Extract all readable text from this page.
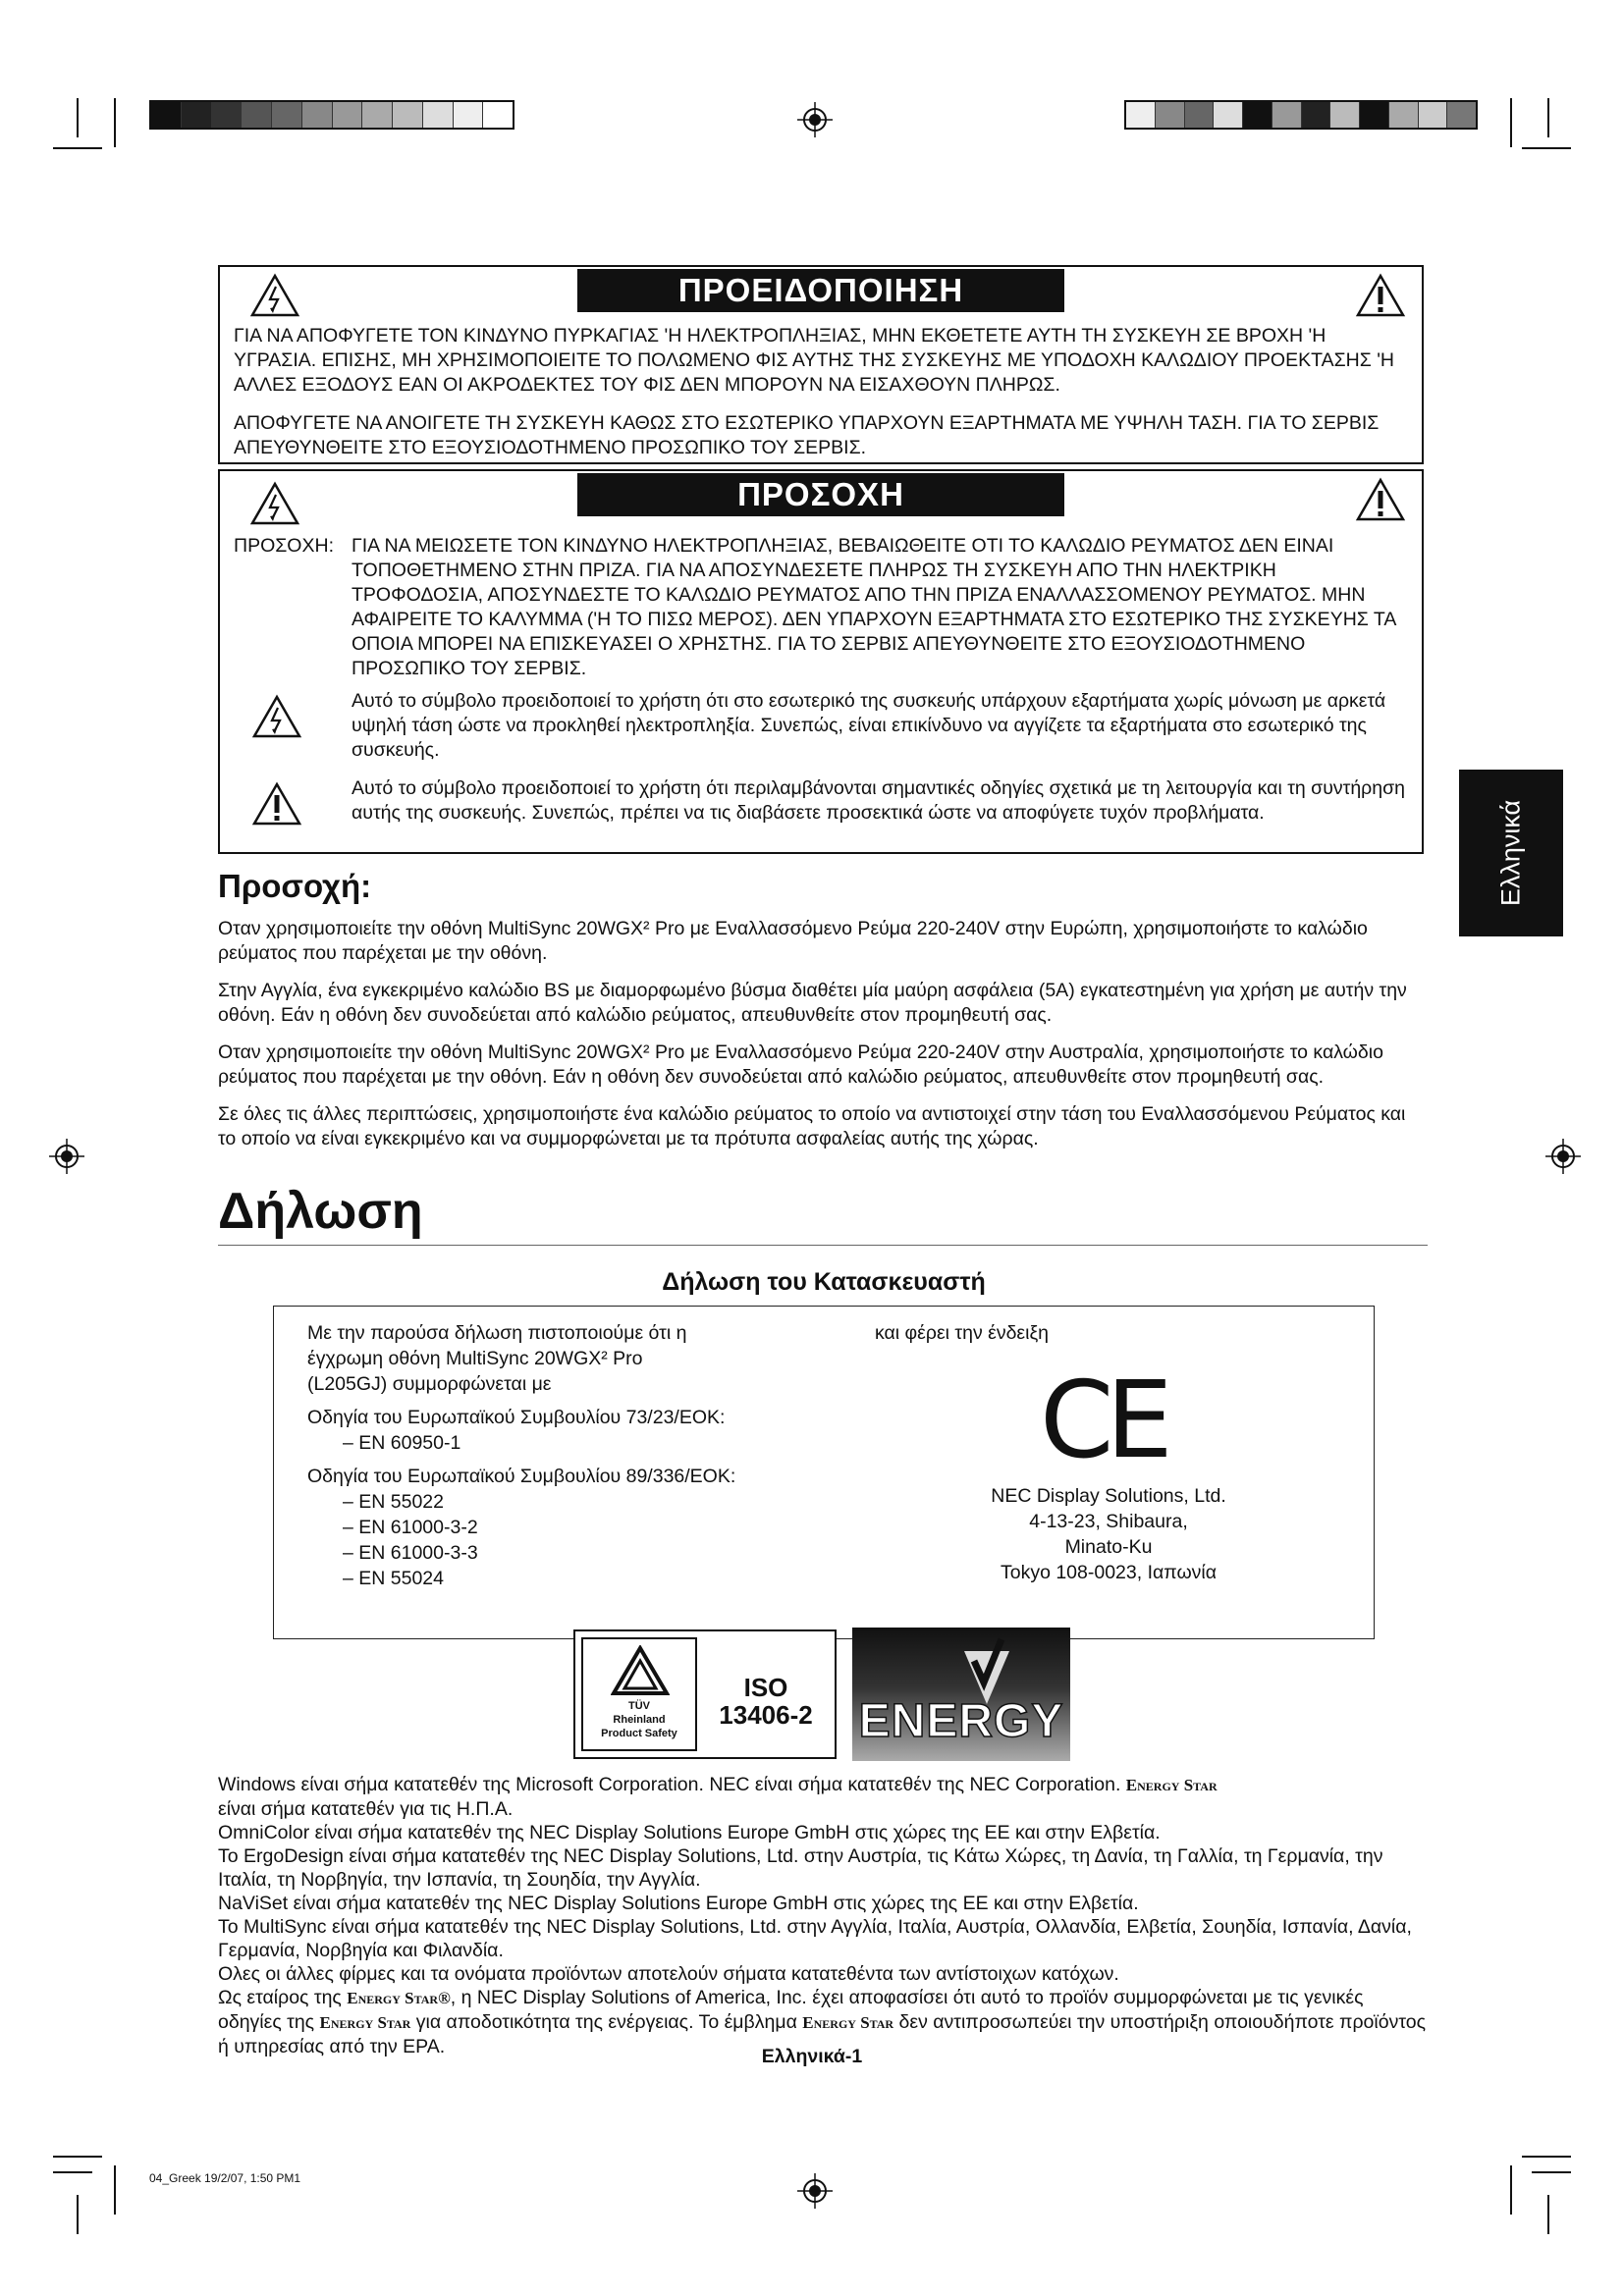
ΠΡΟΕΙΔΟΠΟΙΗΣΗ

ΓΙΑ ΝΑ ΑΠΟΦΥΓΕΤΕ ΤΟΝ ΚΙΝΔΥΝΟ ΠΥΡΚΑΓΙΑΣ 'Η ΗΛΕΚΤΡΟΠΛΗΞΙΑΣ, ΜΗΝ ΕΚΘΕΤΕΤΕ ΑΥΤΗ ΤΗ ΣΥΣΚΕΥΗ ΣΕ ΒΡΟΧΗ 'Η ΥΓΡΑΣΙΑ. ΕΠΙΣΗΣ, ΜΗ ΧΡΗΣΙΜΟΠΟΙΕΙΤΕ ΤΟ ΠΟΛΩΜΕΝΟ ΦΙΣ ΑΥΤΗΣ ΤΗΣ ΣΥΣΚΕΥΗΣ ΜΕ ΥΠΟΔΟΧΗ ΚΑΛΩΔΙΟΥ ΠΡΟΕΚΤΑΣΗΣ 'Η ΑΛΛΕΣ ΕΞΟΔΟΥΣ ΕΑΝ ΟΙ ΑΚΡΟΔΕΚΤΕΣ ΤΟΥ ΦΙΣ ΔΕΝ ΜΠΟΡΟΥΝ ΝΑ ΕΙΣΑΧΘΟΥΝ ΠΛΗΡΩΣ.

ΑΠΟΦΥΓΕΤΕ ΝΑ ΑΝΟΙΓΕΤΕ ΤΗ ΣΥΣΚΕΥΗ ΚΑΘΩΣ ΣΤΟ ΕΣΩΤΕΡΙΚΟ ΥΠΑΡΧΟΥΝ ΕΞΑΡΤΗΜΑΤΑ ΜΕ ΥΨΗΛΗ ΤΑΣΗ. ΓΙΑ ΤΟ ΣΕΡΒΙΣ ΑΠΕΥΘΥΝΘΕΙΤΕ ΣΤΟ ΕΞΟΥΣΙΟΔΟΤΗΜΕΝΟ ΠΡΟΣΩΠΙΚΟ ΤΟΥ ΣΕΡΒΙΣ.

ΠΡΟΣΟΧΗ
ΠΡΟΣΟΧΗ: ΓΙΑ ΝΑ ΜΕΙΩΣΕΤΕ ΤΟΝ ΚΙΝΔΥΝΟ ΗΛΕΚΤΡΟΠΛΗΞΙΑΣ, ΒΕΒΑΙΩΘΕΙΤΕ ΟΤΙ ΤΟ ΚΑΛΩΔΙΟ ΡΕΥΜΑΤΟΣ ΔΕΝ ΕΙΝΑΙ ΤΟΠΟΘΕΤΗΜΕΝΟ ΣΤΗΝ ΠΡΙΖΑ. ΓΙΑ ΝΑ ΑΠΟΣΥΝΔΕΣΕΤΕ ΠΛΗΡΩΣ ΤΗ ΣΥΣΚΕΥΗ ΑΠΟ ΤΗΝ ΗΛΕΚΤΡΙΚΗ ΤΡΟΦΟΔΟΣΙΑ, ΑΠΟΣΥΝΔΕΣΤΕ ΤΟ ΚΑΛΩΔΙΟ ΡΕΥΜΑΤΟΣ ΑΠΟ ΤΗΝ ΠΡΙΖΑ ΕΝΑΛΛΑΣΣΟΜΕΝΟΥ ΡΕΥΜΑΤΟΣ. ΜΗΝ ΑΦΑΙΡΕΙΤΕ ΤΟ ΚΑΛΥΜΜΑ ('Η ΤΟ ΠΙΣΩ ΜΕΡΟΣ). ΔΕΝ ΥΠΑΡΧΟΥΝ ΕΞΑΡΤΗΜΑΤΑ ΣΤΟ ΕΣΩΤΕΡΙΚΟ ΤΗΣ ΣΥΣΚΕΥΗΣ ΤΑ ΟΠΟΙΑ ΜΠΟΡΕΙ ΝΑ ΕΠΙΣΚΕΥΑΣΕΙ Ο ΧΡΗΣΤΗΣ. ΓΙΑ ΤΟ ΣΕΡΒΙΣ ΑΠΕΥΘΥΝΘΕΙΤΕ ΣΤΟ ΕΞΟΥΣΙΟΔΟΤΗΜΕΝΟ ΠΡΟΣΩΠΙΚΟ ΤΟΥ ΣΕΡΒΙΣ.

Αυτό το σύμβολο προειδοποιεί το χρήστη ότι στο εσωτερικό της συσκευής υπάρχουν εξαρτήματα χωρίς μόνωση με αρκετά υψηλή τάση ώστε να προκληθεί ηλεκτροπληξία. Συνεπώς, είναι επικίνδυνο να αγγίζετε τα εξαρτήματα στο εσωτερικό της συσκευής.

Αυτό το σύμβολο προειδοποιεί το χρήστη ότι περιλαμβάνονται σημαντικές οδηγίες σχετικά με τη λειτουργία και τη συντήρηση αυτής της συσκευής. Συνεπώς, πρέπει να τις διαβάσετε προσεκτικά ώστε να αποφύγετε τυχόν προβλήματα.	Ελληνικά
Προσοχή:

Οταν χρησιμοποιείτε την οθόνη MultiSync 20WGX² Pro με Εναλλασσόμενο Ρεύμα 220-240V στην Ευρώπη, χρησιμοποιήστε το καλώδιο ρεύματος που παρέχεται με την οθόνη.

Στην Αγγλία, ένα εγκεκριμένο καλώδιο BS με διαμορφωμένο βύσμα διαθέτει μία μαύρη ασφάλεια (5A) εγκατεστημένη για χρήση με αυτήν την οθόνη. Εάν η οθόνη δεν συνοδεύεται από καλώδιο ρεύματος, απευθυνθείτε στον προμηθευτή σας.

Οταν χρησιμοποιείτε την οθόνη MultiSync 20WGX² Pro με Εναλλασσόμενο Ρεύμα 220-240V στην Αυστραλία, χρησιμοποιήστε το καλώδιο ρεύματος που παρέχεται με την οθόνη. Εάν η οθόνη δεν συνοδεύεται από καλώδιο ρεύματος, απευθυνθείτε στον προμηθευτή σας.

Σε όλες τις άλλες περιπτώσεις, χρησιμοποιήστε ένα καλώδιο ρεύματος το οποίο να αντιστοιχεί στην τάση του Εναλλασσόμενου Ρεύματος και το οποίο να είναι εγκεκριμένο και να συμμορφώνεται με τα πρότυπα ασφαλείας αυτής της χώρας.

Δήλωση
Δήλωση του Κατασκευαστή
Με την παρούσα δήλωση πιστοποιούμε ότι η
έγχρωμη οθόνη MultiSync 20WGX² Pro
(L205GJ) συμμορφώνεται με
Οδηγία του Ευρωπαϊκού Συμβουλίου 73/23/ΕΟΚ:
– EN 60950-1
Οδηγία του Ευρωπαϊκού Συμβουλίου 89/336/ΕΟΚ:
– EN 55022
– EN 61000-3-2
– EN 61000-3-3
– EN 55024
και φέρει την ένδειξη
CE
NEC Display Solutions, Ltd.
4-13-23, Shibaura,
Minato-Ku
Tokyo 108-0023, Ιαπωνία
TÜV
Rheinland
Product Safety
ISO
13406-2 ENERGY

Windows είναι σήμα κατατεθέν της Microsoft Corporation. NEC είναι σήμα κατατεθέν της NEC Corporation. Energy Star
είναι σήμα κατατεθέν για τις Η.Π.Α.

OmniColor είναι σήμα κατατεθέν της NEC Display Solutions Europe GmbH στις χώρες της ΕΕ και στην Ελβετία.

Το ErgoDesign είναι σήμα κατατεθέν της NEC Display Solutions, Ltd. στην Αυστρία, τις Κάτω Χώρες, τη Δανία, τη Γαλλία, τη Γερμανία, την Ιταλία, τη Νορβηγία, την Ισπανία, τη Σουηδία, την Αγγλία.

NaViSet είναι σήμα κατατεθέν της NEC Display Solutions Europe GmbH στις χώρες της ΕΕ και στην Ελβετία.

Το MultiSync είναι σήμα κατατεθέν της NEC Display Solutions, Ltd. στην Αγγλία, Ιταλία, Αυστρία, Ολλανδία, Ελβετία, Σουηδία, Ισπανία, Δανία, Γερμανία, Νορβηγία και Φιλανδία.

Ολες οι άλλες φίρμες και τα ονόματα προϊόντων αποτελούν σήματα κατατεθέντα των αντίστοιχων κατόχων.

Ως εταίρος της Energy Star®, η NEC Display Solutions of America, Inc. έχει αποφασίσει ότι αυτό το προϊόν συμμορφώνεται με τις γενικές οδηγίες της Energy Star για αποδοτικότητα της ενέργειας. Το έμβλημα Energy Star δεν αντιπροσωπεύει την υποστήριξη οποιουδήποτε προϊόντος ή υπηρεσίας από την EPA.	Ελληνικά-1
04_Greek 19/2/07, 1:50 PM1
